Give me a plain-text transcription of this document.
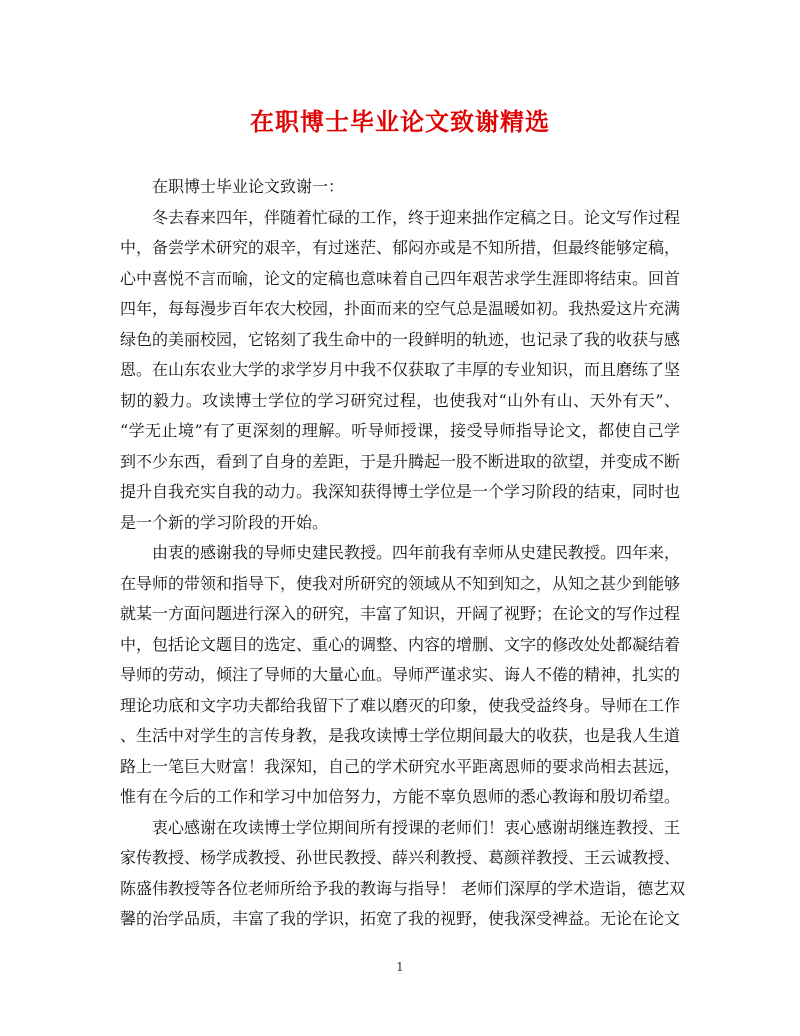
在职博士毕业论文致谢精选

在职博士毕业论文致谢一：

冬去春来四年，伴随着忙碌的工作，终于迎来拙作定稿之日。论文写作过程
中，备尝学术研究的艰辛，有过迷茫、郁闷亦或是不知所措，但最终能够定稿，
心中喜悦不言而喻，论文的定稿也意味着自己四年艰苦求学生涯即将结束。回首
四年，每每漫步百年农大校园，扑面而来的空气总是温暖如初。我热爱这片充满
绿色的美丽校园，它铭刻了我生命中的一段鲜明的轨迹，也记录了我的收获与感
恩。在山东农业大学的求学岁月中我不仅获取了丰厚的专业知识，而且磨练了坚
韧的毅力。攻读博士学位的学习研究过程，也使我对“山外有山、天外有天”、
“学无止境”有了更深刻的理解。听导师授课，接受导师指导论文，都使自己学
到不少东西，看到了自身的差距，于是升腾起一股不断进取的欲望，并变成不断
提升自我充实自我的动力。我深知获得博士学位是一个学习阶段的结束，同时也
是一个新的学习阶段的开始。

由衷的感谢我的导师史建民教授。四年前我有幸师从史建民教授。四年来，
在导师的带领和指导下，使我对所研究的领域从不知到知之，从知之甚少到能够
就某一方面问题进行深入的研究，丰富了知识，开阔了视野；在论文的写作过程
中，包括论文题目的选定、重心的调整、内容的增删、文字的修改处处都凝结着
导师的劳动，倾注了导师的大量心血。导师严谨求实、诲人不倦的精神，扎实的
理论功底和文字功夫都给我留下了难以磨灭的印象，使我受益终身。导师在工作
、生活中对学生的言传身教，是我攻读博士学位期间最大的收获，也是我人生道
路上一笔巨大财富！我深知，自己的学术研究水平距离恩师的要求尚相去甚远，
惟有在今后的工作和学习中加倍努力，方能不辜负恩师的悉心教诲和殷切希望。

衷心感谢在攻读博士学位期间所有授课的老师们！衷心感谢胡继连教授、王
家传教授、杨学成教授、孙世民教授、薛兴利教授、葛颜祥教授、王云诚教授、
陈盛伟教授等各位老师所给予我的教诲与指导！ 老师们深厚的学术造诣，德艺双
馨的治学品质，丰富了我的学识，拓宽了我的视野，使我深受裨益。无论在论文

1
